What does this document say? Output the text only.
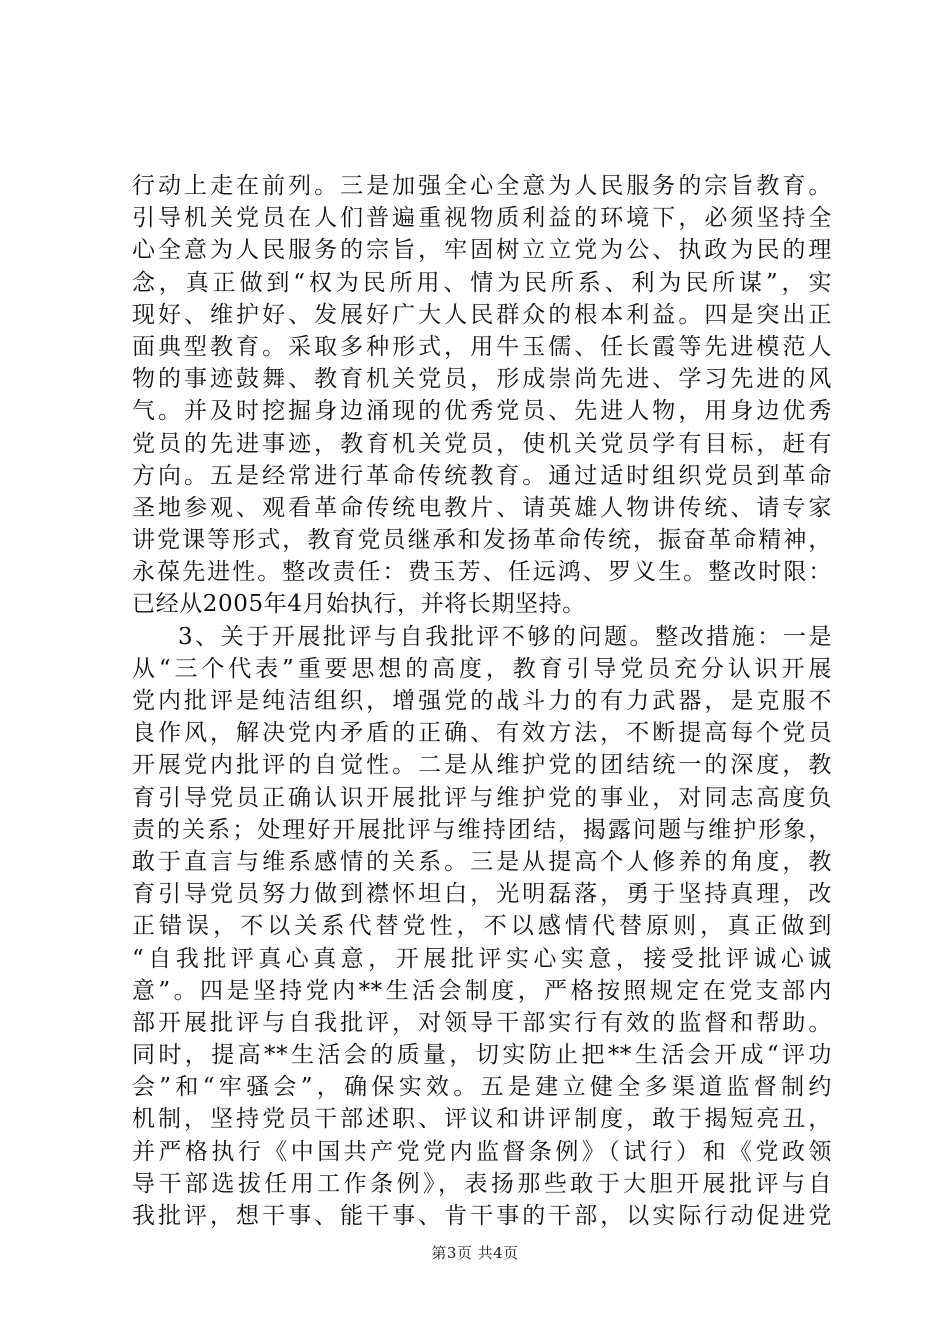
行动上走在前列。三是加强全心全意为人民服务的宗旨教育。
引导机关党员在人们普遍重视物质利益的环境下，必须坚持全
心全意为人民服务的宗旨，牢固树立立党为公、执政为民的理
念，真正做到“权为民所用、情为民所系、利为民所谋”，实
现好、维护好、发展好广大人民群众的根本利益。四是突出正
面典型教育。采取多种形式，用牛玉儒、任长霞等先进模范人
物的事迹鼓舞、教育机关党员，形成崇尚先进、学习先进的风
气。并及时挖掘身边涌现的优秀党员、先进人物，用身边优秀
党员的先进事迹，教育机关党员，使机关党员学有目标，赶有
方向。五是经常进行革命传统教育。通过适时组织党员到革命
圣地参观、观看革命传统电教片、请英雄人物讲传统、请专家
讲党课等形式，教育党员继承和发扬革命传统，振奋革命精神，
永葆先进性。整改责任：费玉芳、任远鸿、罗义生。整改时限：
已经从2005年4月始执行，并将长期坚持。
3、关于开展批评与自我批评不够的问题。整改措施：一是
从“三个代表”重要思想的高度，教育引导党员充分认识开展
党内批评是纯洁组织，增强党的战斗力的有力武器，是克服不
良作风，解决党内矛盾的正确、有效方法，不断提高每个党员
开展党内批评的自觉性。二是从维护党的团结统一的深度，教
育引导党员正确认识开展批评与维护党的事业，对同志高度负
责的关系；处理好开展批评与维持团结，揭露问题与维护形象，
敢于直言与维系感情的关系。三是从提高个人修养的角度，教
育引导党员努力做到襟怀坦白，光明磊落，勇于坚持真理，改
正错误，不以关系代替党性，不以感情代替原则，真正做到
“自我批评真心真意，开展批评实心实意，接受批评诚心诚
意”。四是坚持党内**生活会制度，严格按照规定在党支部内
部开展批评与自我批评，对领导干部实行有效的监督和帮助。
同时，提高**生活会的质量，切实防止把**生活会开成“评功
会”和“牢骚会”，确保实效。五是建立健全多渠道监督制约
机制，坚持党员干部述职、评议和讲评制度，敢于揭短亮丑，
并严格执行《中国共产党党内监督条例》（试行）和《党政领
导干部选拔任用工作条例》，表扬那些敢于大胆开展批评与自
我批评，想干事、能干事、肯干事的干部，以实际行动促进党
第3页 共4页
